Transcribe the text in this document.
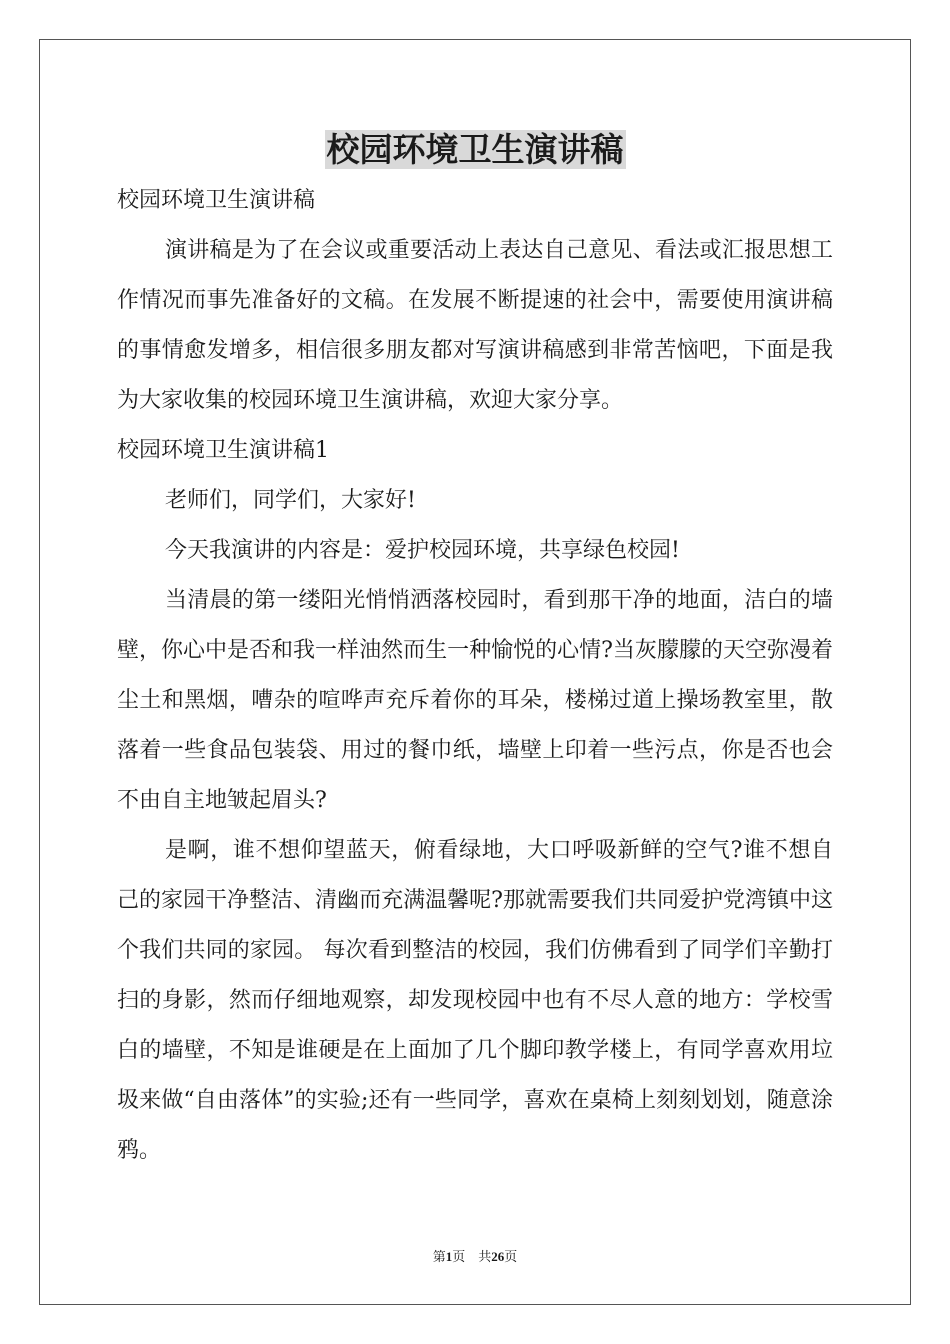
校园环境卫生演讲稿

校园环境卫生演讲稿

演讲稿是为了在会议或重要活动上表达自己意见、看法或汇报思想工作情况而事先准备好的文稿。在发展不断提速的社会中，需要使用演讲稿的事情愈发增多，相信很多朋友都对写演讲稿感到非常苦恼吧，下面是我为大家收集的校园环境卫生演讲稿，欢迎大家分享。

校园环境卫生演讲稿1

老师们，同学们，大家好!

今天我演讲的内容是：爱护校园环境，共享绿色校园!

当清晨的第一缕阳光悄悄洒落校园时，看到那干净的地面，洁白的墙壁，你心中是否和我一样油然而生一种愉悦的心情?当灰朦朦的天空弥漫着尘土和黑烟，嘈杂的喧哗声充斥着你的耳朵，楼梯过道上操场教室里，散落着一些食品包装袋、用过的餐巾纸，墙壁上印着一些污点，你是否也会不由自主地皱起眉头?

是啊，谁不想仰望蓝天，俯看绿地，大口呼吸新鲜的空气?谁不想自己的家园干净整洁、清幽而充满温馨呢?那就需要我们共同爱护党湾镇中这个我们共同的家园。 每次看到整洁的校园，我们仿佛看到了同学们辛勤打扫的身影，然而仔细地观察，却发现校园中也有不尽人意的地方：学校雪白的墙壁，不知是谁硬是在上面加了几个脚印教学楼上，有同学喜欢用垃圾来做“自由落体”的实验;还有一些同学，喜欢在桌椅上刻刻划划，随意涂鸦。

第1页 共26页
